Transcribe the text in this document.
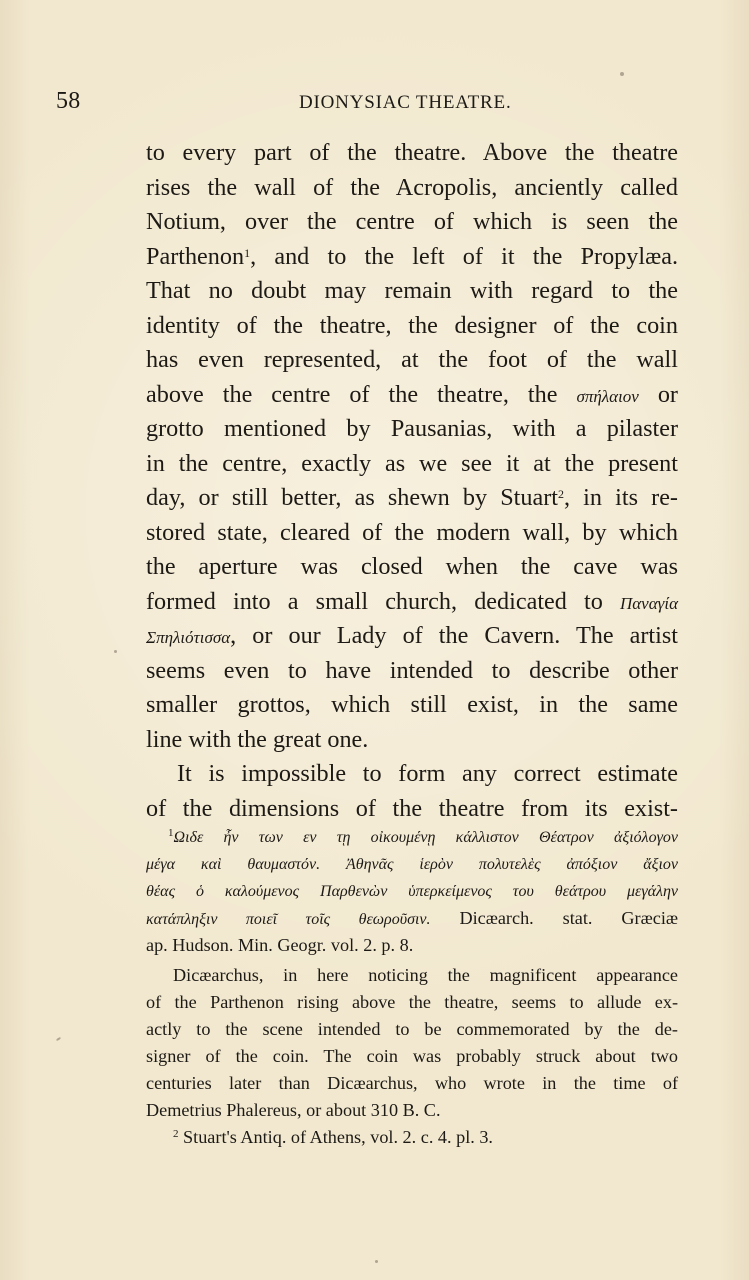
58	DIONYSIAC THEATRE.
to every part of the theatre. Above the theatre
rises the wall of the Acropolis, anciently called
Notium, over the centre of which is seen the
Parthenon$^1$, and to the left of it the Propylæa.
That no doubt may remain with regard to the
identity of the theatre, the designer of the coin
has even represented, at the foot of the wall
above the centre of the theatre, the σπήλαιον or
grotto mentioned by Pausanias, with a pilaster
in the centre, exactly as we see it at the present
day, or still better, as shewn by Stuart$^2$, in its re-
stored state, cleared of the modern wall, by which
the aperture was closed when the cave was
formed into a small church, dedicated to Παναγία
Σπηλιότισσα, or our Lady of the Cavern. The artist
seems even to have intended to describe other
smaller grottos, which still exist, in the same
line with the great one.
It is impossible to form any correct estimate
of the dimensions of the theatre from its exist-
$^1$Ωιδε ἦν των εν τῃ οἰκουμένῃ κάλλιστον Θέατρον ἀξιόλογον
μέγα καὶ θαυμαστόν. Ἀθηνᾶς ἱερὸν πολυτελὲς ἀπόξιον ἄξιον
θέας ὁ καλούμενος Παρθενὼν ὑπερκείμενος του θεάτρου μεγάλην
κατάπληξιν ποιεῖ τοῖς θεωροῦσιν. Dicæarch. stat. Græciæ
ap. Hudson. Min. Geogr. vol. 2. p. 8.
Dicæarchus, in here noticing the magnificent appearance
of the Parthenon rising above the theatre, seems to allude ex-
actly to the scene intended to be commemorated by the de-
signer of the coin. The coin was probably struck about two
centuries later than Dicæarchus, who wrote in the time of
Demetrius Phalereus, or about 310 B. C.
$^2$ Stuart's Antiq. of Athens, vol. 2. c. 4. pl. 3.
